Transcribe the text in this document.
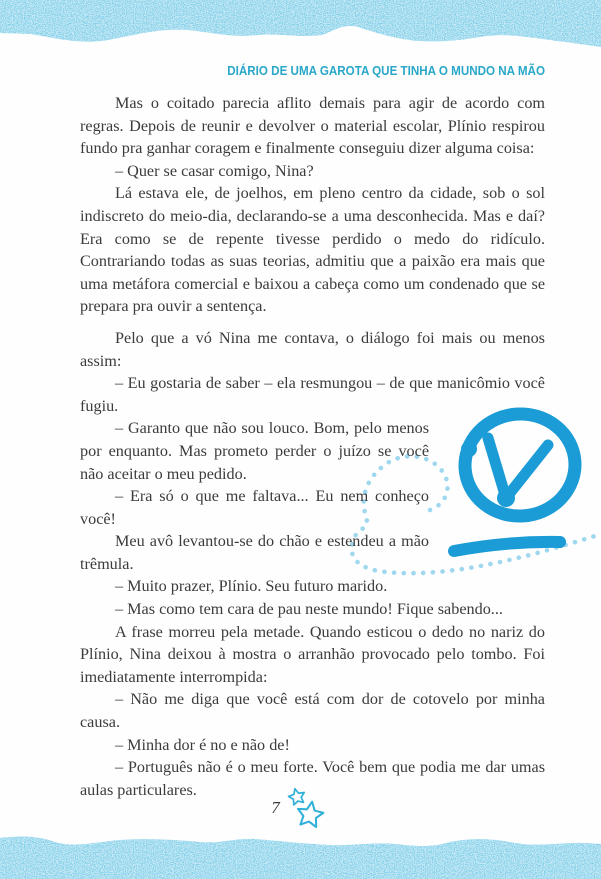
DIÁRIO DE UMA GAROTA QUE TINHA O MUNDO NA MÃO

Mas o coitado parecia aflito demais para agir de acordo com regras. Depois de reunir e devolver o material escolar, Plínio respirou fundo pra ganhar coragem e finalmente conseguiu dizer alguma coisa:

– Quer se casar comigo, Nina?

Lá estava ele, de joelhos, em pleno centro da cidade, sob o sol indiscreto do meio-dia, declarando-se a uma desconhecida. Mas e daí? Era como se de repente tivesse perdido o medo do ridículo. Contrariando todas as suas teorias, admitiu que a paixão era mais que uma metáfora comercial e baixou a cabeça como um condenado que se prepara pra ouvir a sentença.

Pelo que a vó Nina me contava, o diálogo foi mais ou menos assim:

– Eu gostaria de saber – ela resmungou – de que manicômio você fugiu.

– Garanto que não sou louco. Bom, pelo menos por enquanto. Mas prometo perder o juízo se você não aceitar o meu pedido.

– Era só o que me faltava... Eu nem conheço você!

Meu avô levantou-se do chão e estendeu a mão trêmula.

– Muito prazer, Plínio. Seu futuro marido.

– Mas como tem cara de pau neste mundo! Fique sabendo...

A frase morreu pela metade. Quando esticou o dedo no nariz do Plínio, Nina deixou à mostra o arranhão provocado pelo tombo. Foi imediatamente interrompida:

– Não me diga que você está com dor de cotovelo por minha causa.

– Minha dor é no e não de!

– Português não é o meu forte. Você bem que podia me dar umas aulas particulares.

7
